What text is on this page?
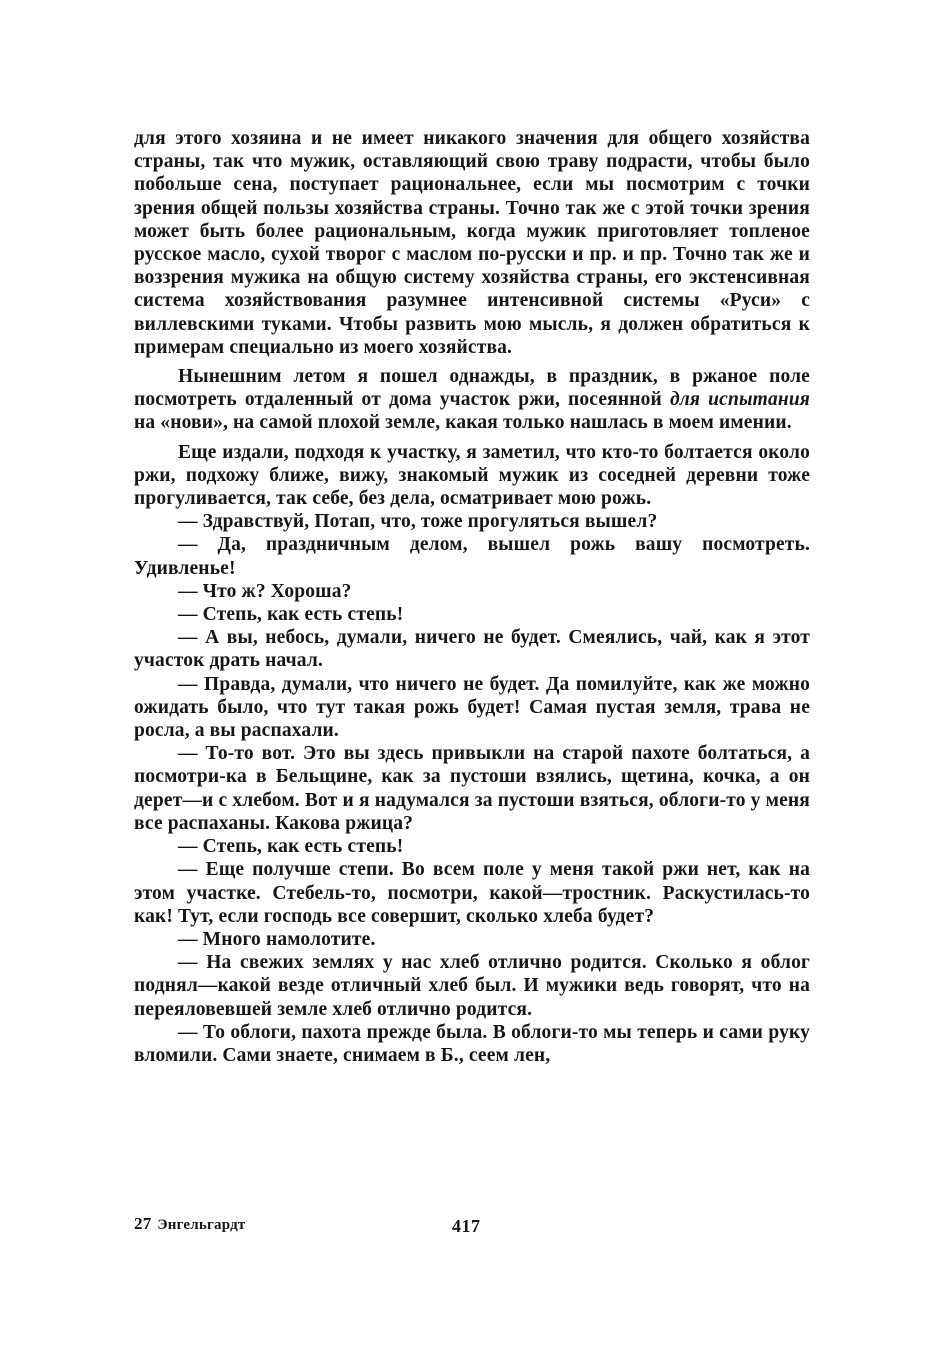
для этого хозяина и не имеет никакого значения для общего хозяйства страны, так что мужик, оставляющий свою траву подрасти, чтобы было побольше сена, поступает рациональнее, если мы посмотрим с точки зрения общей пользы хозяйства страны. Точно так же с этой точки зрения может быть более рациональным, когда мужик приготовляет топленое русское масло, сухой творог с маслом по-русски и пр. и пр. Точно так же и воззрения мужика на общую систему хозяйства страны, его экстенсивная система хозяйствования разумнее интенсивной системы «Руси» с виллевскими туками. Чтобы развить мою мысль, я должен обратиться к примерам специально из моего хозяйства.

Нынешним летом я пошел однажды, в праздник, в ржаное поле посмотреть отдаленный от дома участок ржи, посеянной для испытания на «нови», на самой плохой земле, какая только нашлась в моем имении.

Еще издали, подходя к участку, я заметил, что кто-то болтается около ржи, подхожу ближе, вижу, знакомый мужик из соседней деревни тоже прогуливается, так себе, без дела, осматривает мою рожь.

— Здравствуй, Потап, что, тоже прогуляться вышел?

— Да, праздничным делом, вышел рожь вашу посмотреть. Удивленье!

— Что ж? Хороша?

— Степь, как есть степь!

— А вы, небось, думали, ничего не будет. Смеялись, чай, как я этот участок драть начал.

— Правда, думали, что ничего не будет. Да помилуйте, как же можно ожидать было, что тут такая рожь будет! Самая пустая земля, трава не росла, а вы распахали.

— То-то вот. Это вы здесь привыкли на старой пахоте болтаться, а посмотри-ка в Бельщине, как за пустоши взялись, щетина, кочка, а он дерет—и с хлебом. Вот и я надумался за пустоши взяться, облоги-то у меня все распаханы. Какова ржица?

— Степь, как есть степь!

— Еще получше степи. Во всем поле у меня такой ржи нет, как на этом участке. Стебель-то, посмотри, какой—тростник. Раскустилась-то как! Тут, если господь все совершит, сколько хлеба будет?

— Много намолотите.

— На свежих землях у нас хлеб отлично родится. Сколько я облог поднял—какой везде отличный хлеб был. И мужики ведь говорят, что на переяловевшей земле хлеб отлично родится.

— То облоги, пахота прежде была. В облоги-то мы теперь и сами руку вломили. Сами знаете, снимаем в Б., сеем лен,

27 Энгельгардт	417
